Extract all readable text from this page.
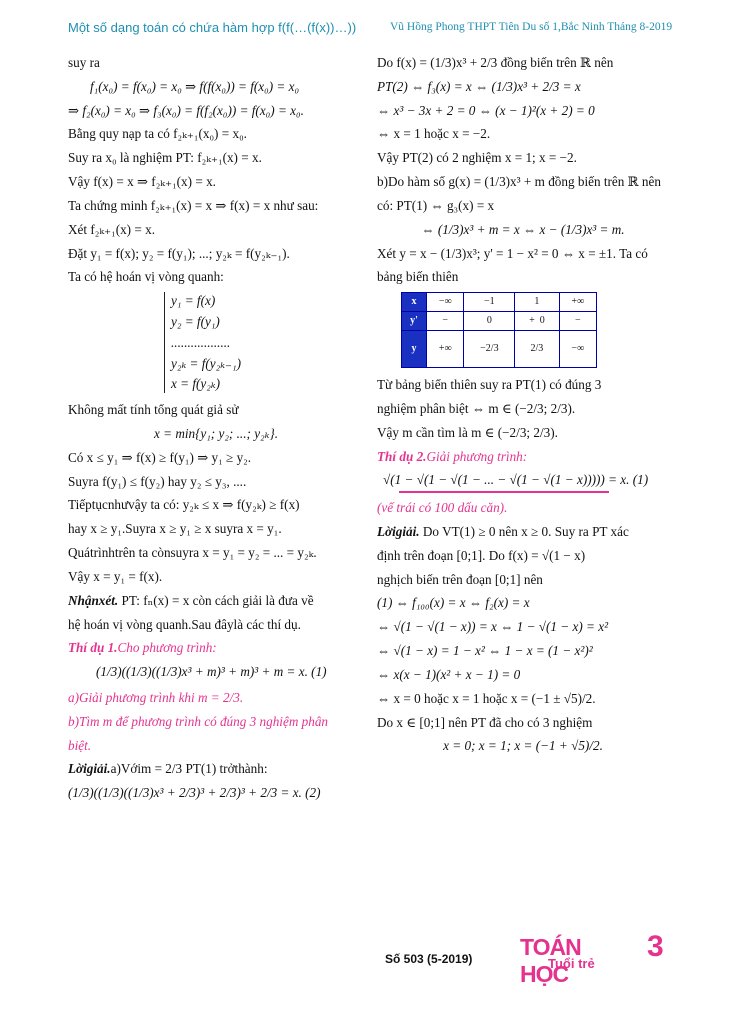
Một số dạng toán có chứa hàm hợp f(f(…(f(x))…))	Vũ Hồng Phong THPT Tiên Du số 1,Bắc Ninh Tháng 8-2019

suy ra

f₁(x₀) = f(x₀) = x₀ ⇒ f(f(x₀)) = f(x₀) = x₀

⇒ f₂(x₀) = x₀ ⇒ f₃(x₀) = f(f₂(x₀)) = f(x₀) = x₀.

Bằng quy nạp ta có f₂ₖ₊₁(x₀) = x₀.

Suy ra x₀ là nghiệm PT: f₂ₖ₊₁(x) = x.

Vậy f(x) = x ⇒ f₂ₖ₊₁(x) = x.

Ta chứng minh f₂ₖ₊₁(x) = x ⇒ f(x) = x như sau:

Xét f₂ₖ₊₁(x) = x.

Đặt y₁ = f(x); y₂ = f(y₁); ...; y₂ₖ = f(y₂ₖ₋₁).

Ta có hệ hoán vị vòng quanh:

y₁ = f(x)
y₂ = f(y₁)
..................
y₂ₖ = f(y₂ₖ₋₁)
x = f(y₂ₖ)

Không mất tính tổng quát giả sử

x = min{y₁; y₂; ...; y₂ₖ}.

Có x ≤ y₁ ⇒ f(x) ≥ f(y₁) ⇒ y₁ ≥ y₂.

Suyra f(y₁) ≤ f(y₂) hay y₂ ≤ y₃, ....

Tiếptụcnhưvậy ta có: y₂ₖ ≤ x ⇒ f(y₂ₖ) ≥ f(x)

hay x ≥ y₁.Suyra x ≥ y₁ ≥ x suyra x = y₁.

Quátrìnhtrên ta cònsuyra x = y₁ = y₂ = ... = y₂ₖ.

Vậy x = y₁ = f(x).

Nhậnxét. PT: fₙ(x) = x còn cách giải là đưa về

hệ hoán vị vòng quanh.Sau đâylà các thí dụ.

Thí dụ 1.Cho phương trình:

(1/3)((1/3)((1/3)x³ + m)³ + m)³ + m = x. (1)

a)Giải phương trình khi m = 2/3.

b)Tìm m để phương trình có đúng 3 nghiệm phân

biệt.

Lờigiải.a)Vớim = 2/3 PT(1) trởthành:

(1/3)((1/3)((1/3)x³ + 2/3)³ + 2/3)³ + 2/3 = x. (2)

Do f(x) = (1/3)x³ + 2/3 đồng biến trên ℝ nên

PT(2) ⇔ f₃(x) = x ⇔ (1/3)x³ + 2/3 = x

⇔ x³ − 3x + 2 = 0 ⇔ (x − 1)²(x + 2) = 0

⇔ x = 1 hoặc x = −2.

Vậy PT(2) có 2 nghiệm x = 1; x = −2.

b)Do hàm số g(x) = (1/3)x³ + m đồng biến trên ℝ nên

có: PT(1) ⇔ g₃(x) = x

⇔ (1/3)x³ + m = x ⇔ x − (1/3)x³ = m.

Xét y = x − (1/3)x³; y' = 1 − x² = 0 ⇔ x = ±1. Ta có

bảng biến thiên

x	−∞	−1	1	+∞
y'	−	0	+ 0	−
y	+∞	−2/3	2/3	−∞

Từ bảng biến thiên suy ra PT(1) có đúng 3

nghiệm phân biệt ⇔ m ∈ (−2/3; 2/3).

Vậy m cần tìm là m ∈ (−2/3; 2/3).

Thí dụ 2.Giải phương trình:

√(1 − √(1 − √(1 − ... − √(1 − √(1 − x))))) = x. (1)

(vế trái có 100 dấu căn).

Lờigiải. Do VT(1) ≥ 0 nên x ≥ 0. Suy ra PT xác

định trên đoạn [0;1]. Do f(x) = √(1 − x)

nghịch biến trên đoạn [0;1] nên

(1) ⇔ f₁₀₀(x) = x ⇔ f₂(x) = x

⇔ √(1 − √(1 − x)) = x ⇔ 1 − √(1 − x) = x²

⇔ √(1 − x) = 1 − x² ⇔ 1 − x = (1 − x²)²

⇔ x(x − 1)(x² + x − 1) = 0

⇔ x = 0 hoặc x = 1 hoặc x = (−1 ± √5)/2.

Do x ∈ [0;1] nên PT đã cho có 3 nghiệm

x = 0; x = 1; x = (−1 + √5)/2.

Số 503 (5-2019) TOÁN HỌC
Tuổi trẻ
3
